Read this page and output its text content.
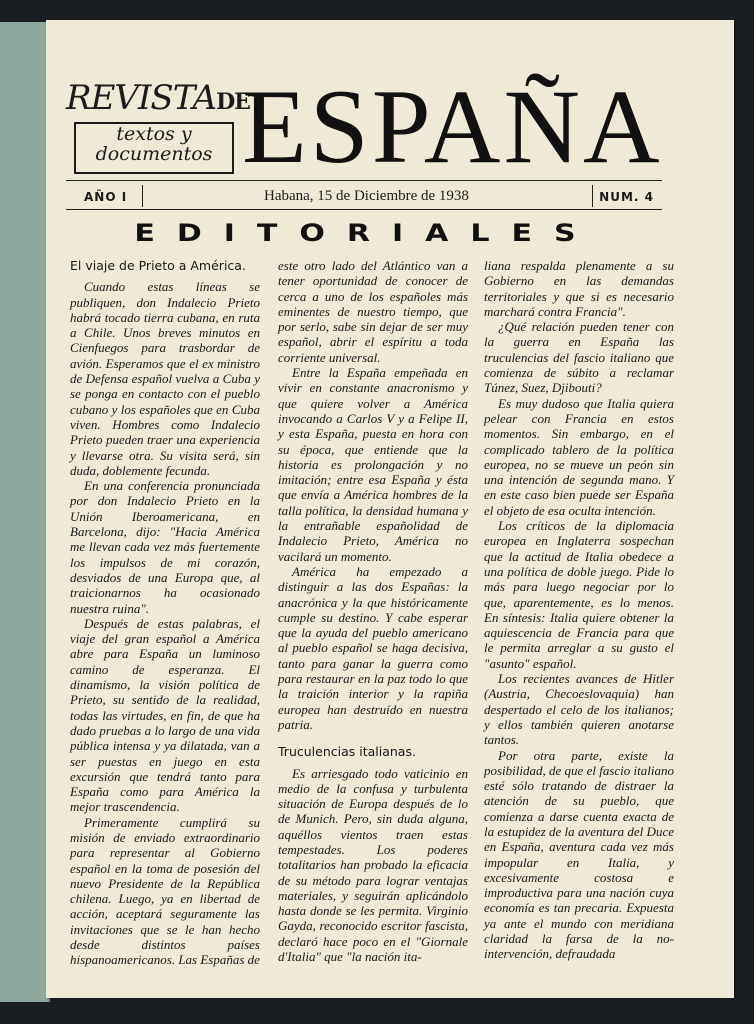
REVISTADE
textos y
documentos ESPAÑA
AÑO I	Habana, 15 de Diciembre de 1938	NUM. 4
EDITORIALES
El viaje de Prieto a América.

Cuando estas líneas se publiquen, don Indalecio Prieto habrá tocado tierra cubana, en ruta a Chile. Unos breves minutos en Cienfuegos para trasbordar de avión. Esperamos que el ex ministro de Defensa español vuelva a Cuba y se ponga en contacto con el pueblo cubano y los españoles que en Cuba viven. Hombres como Indalecio Prieto pueden traer una experiencia y llevarse otra. Su visita será, sin duda, doblemente fecunda.

En una conferencia pronunciada por don Indalecio Prieto en la Unión Iberoamericana, en Barcelona, dijo: "Hacia América me llevan cada vez más fuertemente los impulsos de mi corazón, desviados de una Europa que, al traicionarnos ha ocasionado nuestra ruina".

Después de estas palabras, el viaje del gran español a América abre para España un luminoso camino de esperanza. El dinamismo, la visión política de Prieto, su sentido de la realidad, todas las virtudes, en fin, de que ha dado pruebas a lo largo de una vida pública intensa y ya dilatada, van a ser puestas en juego en esta excursión que tendrá tanto para España como para América la mejor trascendencia.

Primeramente cumplirá su misión de enviado extraordinario para representar al Gobierno español en la toma de posesión del nuevo Presidente de la República chilena. Luego, ya en libertad de acción, aceptará seguramente las invitaciones que se le han hecho desde distintos países hispanoamericanos. Las Españas de

este otro lado del Atlántico van a tener oportunidad de conocer de cerca a uno de los españoles más eminentes de nuestro tiempo, que por serlo, sabe sin dejar de ser muy español, abrir el espíritu a toda corriente universal.

Entre la España empeñada en vivir en constante anacronismo y que quiere volver a América invocando a Carlos V y a Felipe II, y esta España, puesta en hora con su época, que entiende que la historia es prolongación y no imitación; entre esa España y ésta que envía a América hombres de la talla política, la densidad humana y la entrañable españolidad de Indalecio Prieto, América no vacilará un momento.

América ha empezado a distinguir a las dos Españas: la anacrónica y la que históricamente cumple su destino. Y cabe esperar que la ayuda del pueblo americano al pueblo español se haga decisiva, tanto para ganar la guerra como para restaurar en la paz todo lo que la traición interior y la rapiña europea han destruído en nuestra patria.

Truculencias italianas.

Es arriesgado todo vaticinio en medio de la confusa y turbulenta situación de Europa después de lo de Munich. Pero, sin duda alguna, aquéllos vientos traen estas tempestades. Los poderes totalitarios han probado la eficacia de su método para lograr ventajas materiales, y seguirán aplicándolo hasta donde se les permita. Virginio Gayda, reconocido escritor fascista, declaró hace poco en el "Giornale d'Italia" que "la nación ita-

liana respalda plenamente a su Gobierno en las demandas territoriales y que si es necesario marchará contra Francia".

¿Qué relación pueden tener con la guerra en España las truculencias del fascio italiano que comienza de súbito a reclamar Túnez, Suez, Djibouti?

Es muy dudoso que Italia quiera pelear con Francia en estos momentos. Sin embargo, en el complicado tablero de la política europea, no se mueve un peón sin una intención de segunda mano. Y en este caso bien puede ser España el objeto de esa oculta intención.

Los críticos de la diplomacia europea en Inglaterra sospechan que la actitud de Italia obedece a una política de doble juego. Pide lo más para luego negociar por lo que, aparentemente, es lo menos. En síntesis: Italia quiere obtener la aquiescencia de Francia para que le permita arreglar a su gusto el "asunto" español.

Los recientes avances de Hitler (Austria, Checoeslovaquia) han despertado el celo de los italianos; y ellos también quieren anotarse tantos.

Por otra parte, existe la posibilidad, de que el fascio italiano esté sólo tratando de distraer la atención de su pueblo, que comienza a darse cuenta exacta de la estupidez de la aventura del Duce en España, aventura cada vez más impopular en Italia, y excesivamente costosa e improductiva para una nación cuya economía es tan precaria. Expuesta ya ante el mundo con meridiana claridad la farsa de la no-intervención, defraudada
